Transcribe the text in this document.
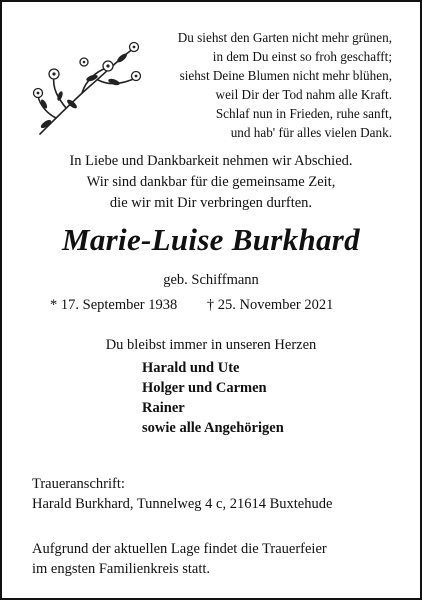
Du siehst den Garten nicht mehr grünen,
in dem Du einst so froh geschafft;
siehst Deine Blumen nicht mehr blühen,
weil Dir der Tod nahm alle Kraft.
Schlaf nun in Frieden, ruhe sanft,
und hab' für alles vielen Dank.
In Liebe und Dankbarkeit nehmen wir Abschied.
Wir sind dankbar für die gemeinsame Zeit,
die wir mit Dir verbringen durften.
Marie-Luise Burkhard
geb. Schiffmann
* 17. September 1938 † 25. November 2021
Du bleibst immer in unseren Herzen
Harald und Ute
Holger und Carmen
Rainer
sowie alle Angehörigen
Traueranschrift:
Harald Burkhard, Tunnelweg 4 c, 21614 Buxtehude
Aufgrund der aktuellen Lage findet die Trauerfeier
im engsten Familienkreis statt.
